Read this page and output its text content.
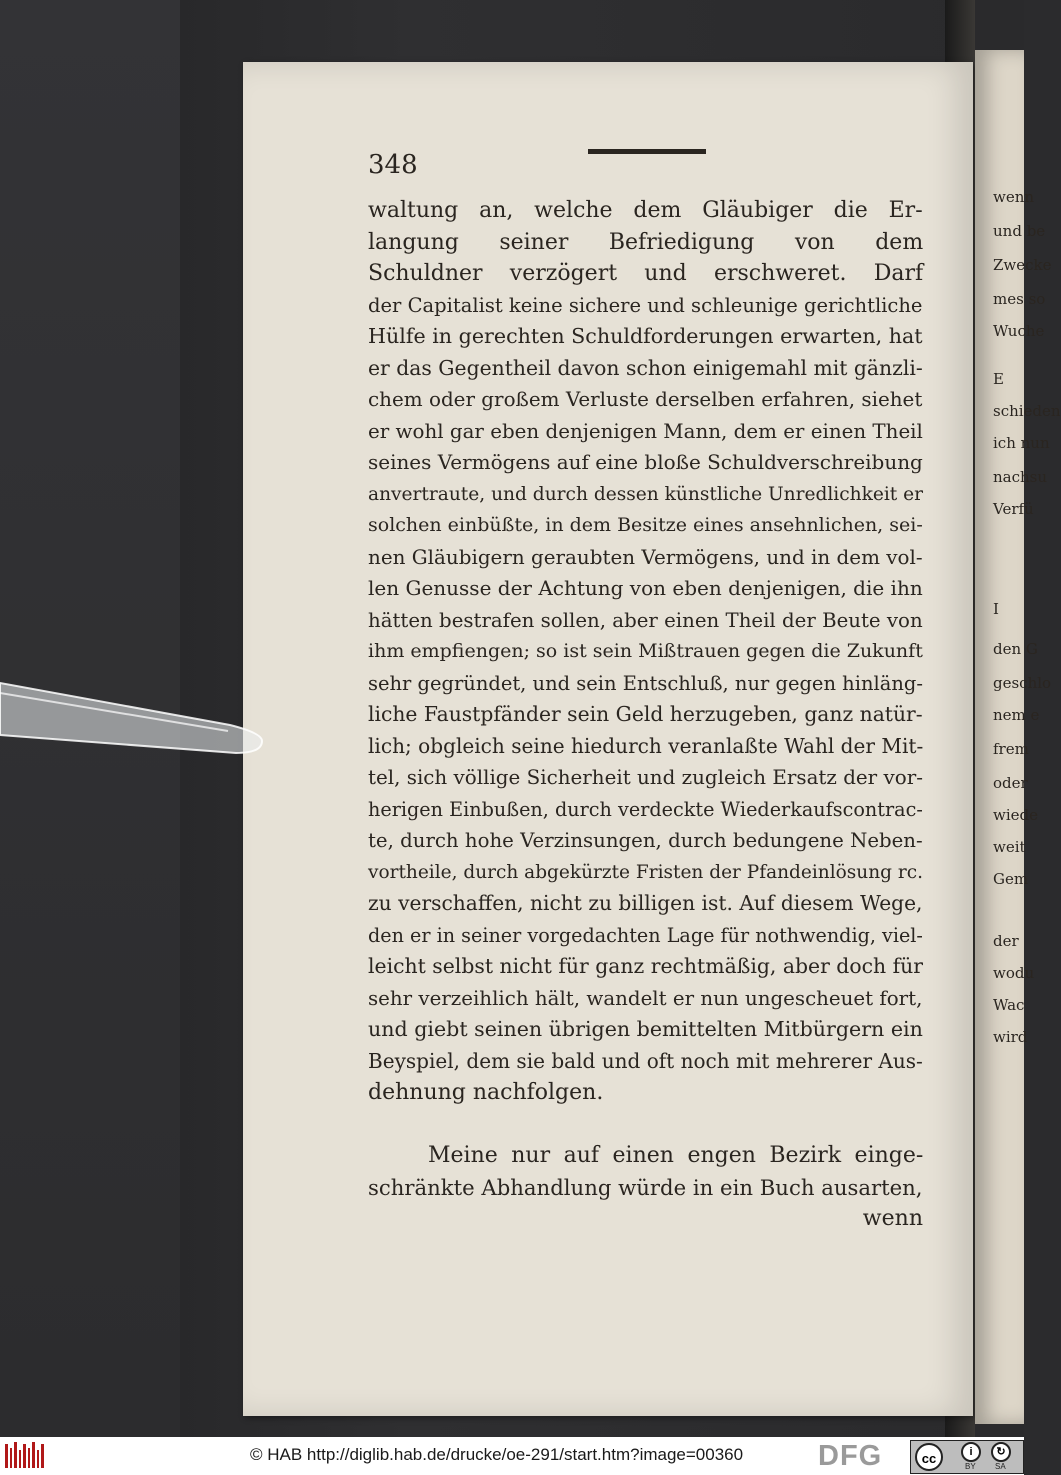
348
waltung an, welche dem Gläubiger die Er-
langung seiner Befriedigung von dem
Schuldner verzögert und erschweret. Darf
der Capitalist keine sichere und schleunige gerichtliche
Hülfe in gerechten Schuldforderungen erwarten, hat
er das Gegentheil davon schon einigemahl mit gänzli-
chem oder großem Verluste derselben erfahren, siehet
er wohl gar eben denjenigen Mann, dem er einen Theil
seines Vermögens auf eine bloße Schuldverschreibung
anvertraute, und durch dessen künstliche Unredlichkeit er
solchen einbüßte, in dem Besitze eines ansehnlichen, sei-
nen Gläubigern geraubten Vermögens, und in dem vol-
len Genusse der Achtung von eben denjenigen, die ihn
hätten bestrafen sollen, aber einen Theil der Beute von
ihm empfiengen; so ist sein Mißtrauen gegen die Zukunft
sehr gegründet, und sein Entschluß, nur gegen hinläng-
liche Faustpfänder sein Geld herzugeben, ganz natür-
lich; obgleich seine hiedurch veranlaßte Wahl der Mit-
tel, sich völlige Sicherheit und zugleich Ersatz der vor-
herigen Einbußen, durch verdeckte Wiederkaufscontrac-
te, durch hohe Verzinsungen, durch bedungene Neben-
vortheile, durch abgekürzte Fristen der Pfandeinlösung rc.
zu verschaffen, nicht zu billigen ist. Auf diesem Wege,
den er in seiner vorgedachten Lage für nothwendig, viel-
leicht selbst nicht für ganz rechtmäßig, aber doch für
sehr verzeihlich hält, wandelt er nun ungescheuet fort,
und giebt seinen übrigen bemittelten Mitbürgern ein
Beyspiel, dem sie bald und oft noch mit mehrerer Aus-
dehnung nachfolgen.
Meine nur auf einen engen Bezirk einge-
schränkte Abhandlung würde in ein Buch ausarten,
wenn
wenn
und be
Zwecke
mes so
Wuche
E
schieden
ich nun
nachsu
Verfü
I
den G
geschlo
nem e
frem
oder
wiede
weit
Gem
der
wodu
Wac
wird
© HAB http://diglib.hab.de/drucke/oe-291/start.htm?image=00360	DFG	cc	i	↻
BY SA
